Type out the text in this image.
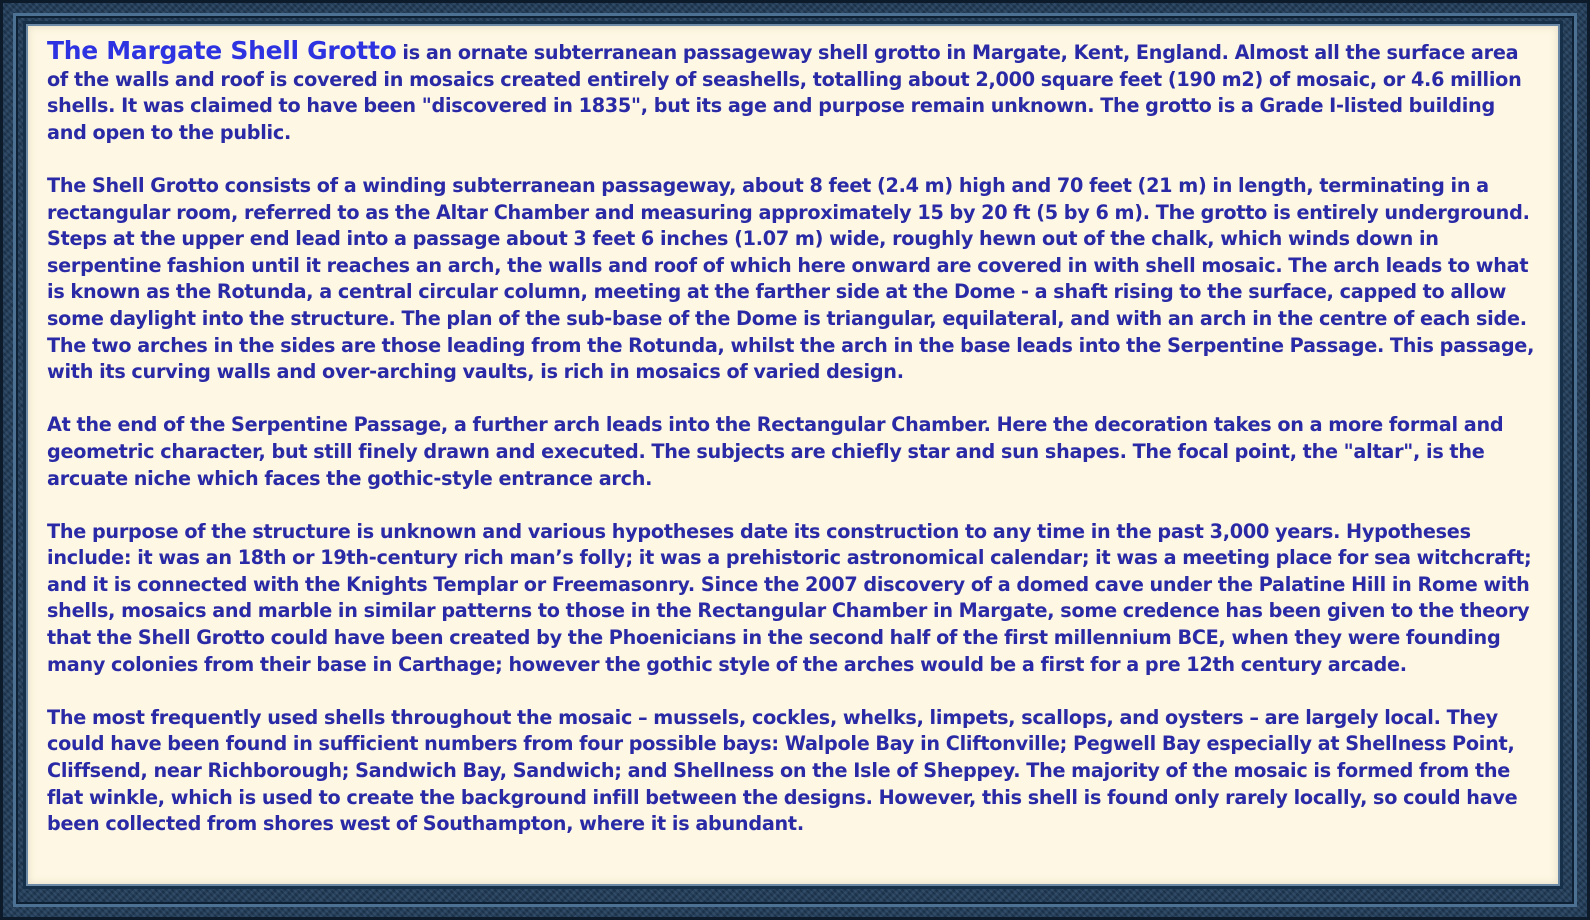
The Margate Shell Grotto is an ornate subterranean passageway shell grotto in Margate, Kent, England. Almost all the surface area of the walls and roof is covered in mosaics created entirely of seashells, totalling about 2,000 square feet (190 m2) of mosaic, or 4.6 million shells. It was claimed to have been "discovered in 1835", but its age and purpose remain unknown. The grotto is a Grade I-listed building and open to the public.

The Shell Grotto consists of a winding subterranean passageway, about 8 feet (2.4 m) high and 70 feet (21 m) in length, terminating in a rectangular room, referred to as the Altar Chamber and measuring approximately 15 by 20 ft (5 by 6 m). The grotto is entirely underground. Steps at the upper end lead into a passage about 3 feet 6 inches (1.07 m) wide, roughly hewn out of the chalk, which winds down in serpentine fashion until it reaches an arch, the walls and roof of which here onward are covered in with shell mosaic. The arch leads to what is known as the Rotunda, a central circular column, meeting at the farther side at the Dome - a shaft rising to the surface, capped to allow some daylight into the structure. The plan of the sub-base of the Dome is triangular, equilateral, and with an arch in the centre of each side. The two arches in the sides are those leading from the Rotunda, whilst the arch in the base leads into the Serpentine Passage. This passage, with its curving walls and over-arching vaults, is rich in mosaics of varied design.

At the end of the Serpentine Passage, a further arch leads into the Rectangular Chamber. Here the decoration takes on a more formal and geometric character, but still finely drawn and executed. The subjects are chiefly star and sun shapes. The focal point, the "altar", is the arcuate niche which faces the gothic-style entrance arch.

The purpose of the structure is unknown and various hypotheses date its construction to any time in the past 3,000 years. Hypotheses include: it was an 18th or 19th-century rich man’s folly; it was a prehistoric astronomical calendar; it was a meeting place for sea witchcraft; and it is connected with the Knights Templar or Freemasonry. Since the 2007 discovery of a domed cave under the Palatine Hill in Rome with shells, mosaics and marble in similar patterns to those in the Rectangular Chamber in Margate, some credence has been given to the theory that the Shell Grotto could have been created by the Phoenicians in the second half of the first millennium BCE, when they were founding many colonies from their base in Carthage; however the gothic style of the arches would be a first for a pre 12th century arcade.

The most frequently used shells throughout the mosaic – mussels, cockles, whelks, limpets, scallops, and oysters – are largely local. They could have been found in sufficient numbers from four possible bays: Walpole Bay in Cliftonville; Pegwell Bay especially at Shellness Point, Cliffsend, near Richborough; Sandwich Bay, Sandwich; and Shellness on the Isle of Sheppey. The majority of the mosaic is formed from the flat winkle, which is used to create the background infill between the designs. However, this shell is found only rarely locally, so could have been collected from shores west of Southampton, where it is abundant.
